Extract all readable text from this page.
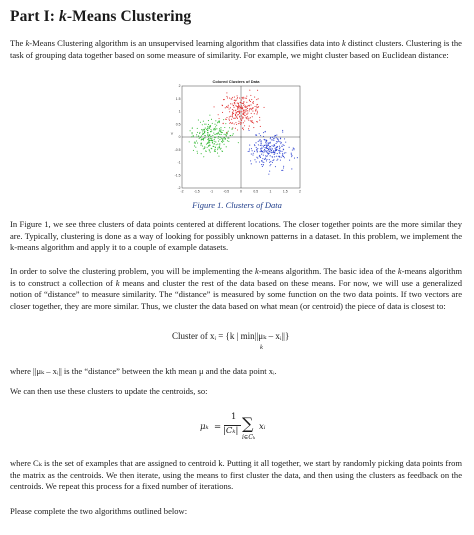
Part I: k-Means Clustering

The k-Means Clustering algorithm is an unsupervised learning algorithm that classifies data into k distinct clusters. Clustering is the task of grouping data together based on some measure of similarity. For example, we might cluster based on Euclidean distance:

Colored Clusters of Data
Y
-2	-1.5	-1	-0.5	0	0.5	1	1.5	2
2
1.5
1
0.5
0
-0.5
-1
-1.5
-2
Figure 1. Clusters of Data

In Figure 1, we see three clusters of data points centered at different locations. The closer together points are the more similar they are. Typically, clustering is done as a way of looking for possibly unknown patterns in a dataset. In this problem, we implement the k-means algorithm and apply it to a couple of example datasets.

In order to solve the clustering problem, you will be implementing the k-means algorithm. The basic idea of the k-means algorithm is to construct a collection of k means and cluster the rest of the data based on these means. For now, we will use a generalized notion of “distance” to measure similarity. The “distance” is measured by some function on the two data points. If two vectors are closer together, they are more similar. Thus, we cluster the data based on what mean (or centroid) the piece of data is closest to:

Cluster of xᵢ = {k | min||μₖ – xᵢ||}
k

where ||μₖ – xᵢ|| is the “distance” between the kth mean μ and the data point xᵢ.

We can then use these clusters to update the centroids, so:

μₖ =
1
|Cₖ| ∑
i∈Cₖ
xᵢ

where Cₖ is the set of examples that are assigned to centroid k. Putting it all together, we start by randomly picking data points from the matrix as the centroids. We then iterate, using the means to first cluster the data, and then using the clusters as feedback on the centroids. We repeat this process for a fixed number of iterations.

Please complete the two algorithms outlined below:
